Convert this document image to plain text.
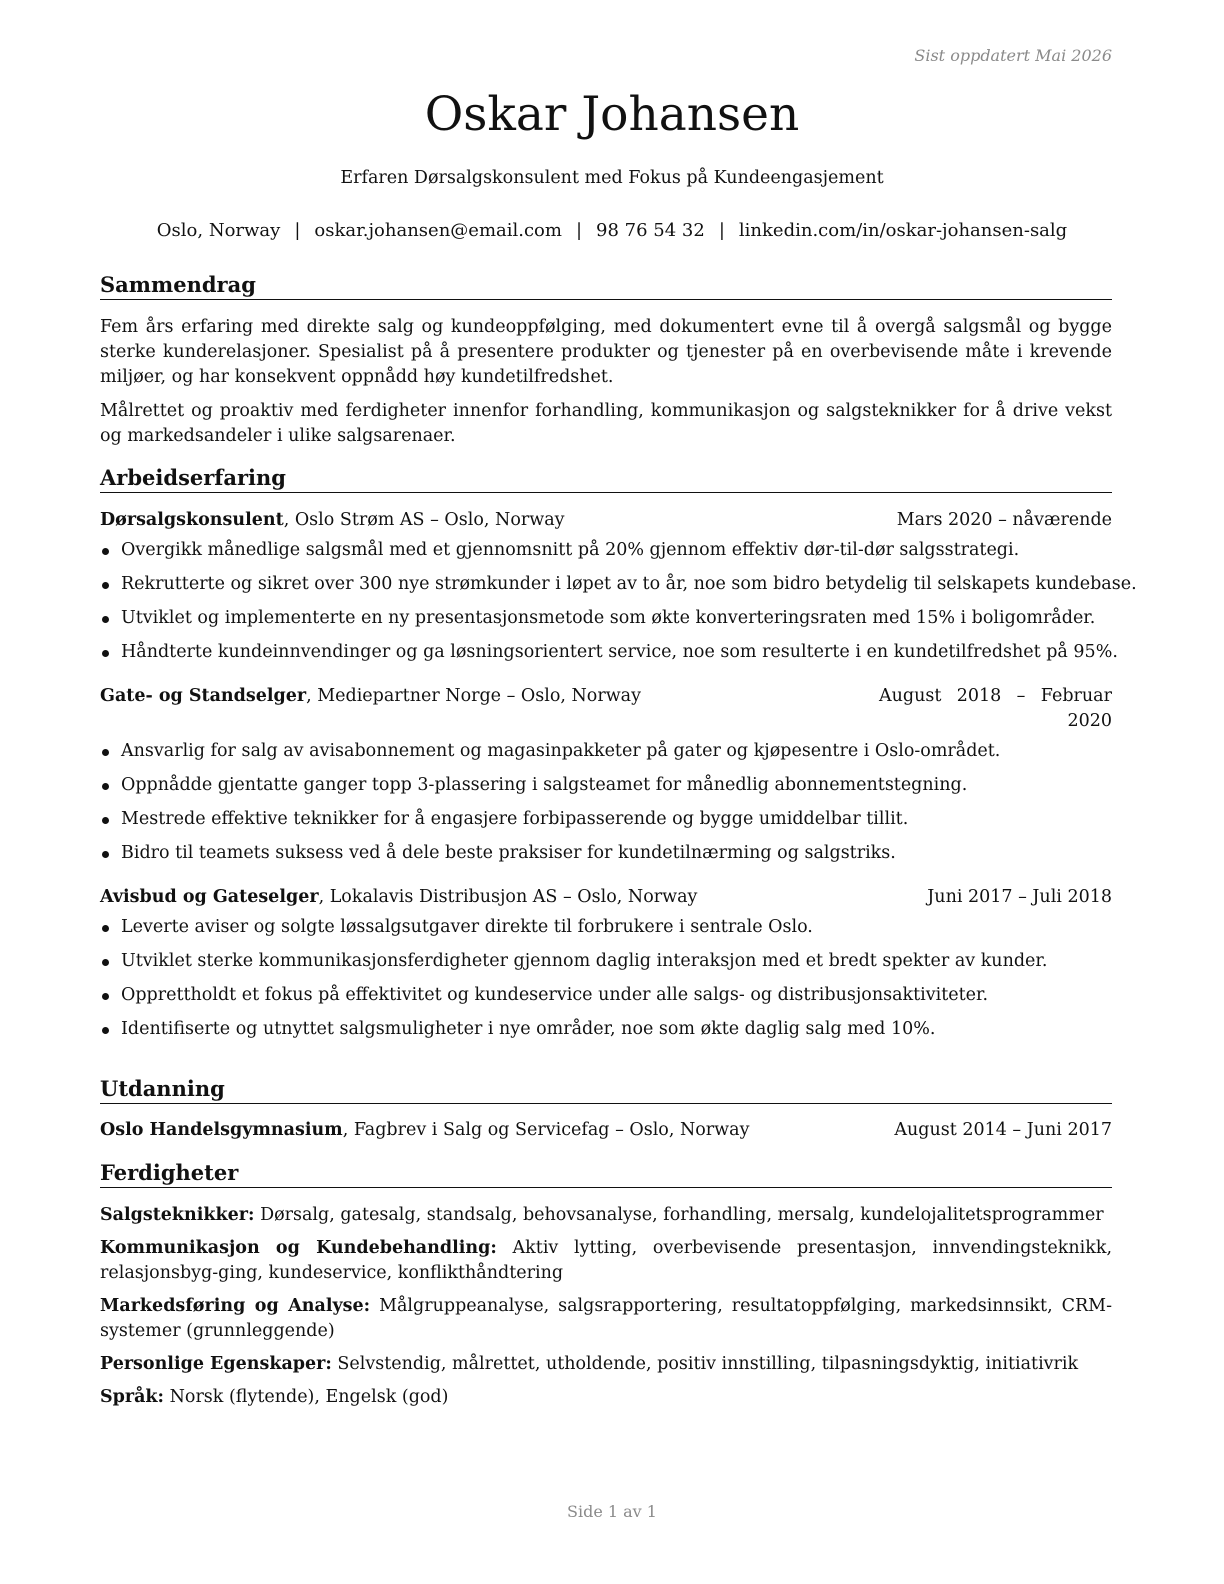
Sist oppdatert Mai 2026
Oskar Johansen
Erfaren Dørsalgskonsulent med Fokus på Kundeengasjement
Oslo, Norway | oskar.johansen@email.com | 98 76 54 32 | linkedin.com/in/oskar-johansen-salg
Sammendrag

Fem års erfaring med direkte salg og kundeoppfølging, med dokumentert evne til å overgå salgsmål og bygge sterke kunderelasjoner. Spesialist på å presentere produkter og tjenester på en overbevisende måte i krevende miljøer, og har konsekvent oppnådd høy kundetilfredshet.

Målrettet og proaktiv med ferdigheter innenfor forhandling, kommunikasjon og salgsteknikker for å drive vekst og markedsandeler i ulike salgsarenaer.

Arbeidserfaring
Dørsalgskonsulent, Oslo Strøm AS – Oslo, Norway	Mars 2020 – nåværende
Overgikk månedlige salgsmål med et gjennomsnitt på 20% gjennom effektiv dør-til-dør salgsstrategi.
Rekrutterte og sikret over 300 nye strømkunder i løpet av to år, noe som bidro betydelig til selskapets kundebase.
Utviklet og implementerte en ny presentasjonsmetode som økte konverteringsraten med 15% i boligområder.
Håndterte kundeinnvendinger og ga løsningsorientert service, noe som resulterte i en kundetilfredshet på 95%.
Gate- og Standselger, Mediepartner Norge – Oslo, Norway	August 2018 – Februar
2020
Ansvarlig for salg av avisabonnement og magasinpakketer på gater og kjøpesentre i Oslo-området.
Oppnådde gjentatte ganger topp 3-plassering i salgsteamet for månedlig abonnementstegning.
Mestrede effektive teknikker for å engasjere forbipasserende og bygge umiddelbar tillit.
Bidro til teamets suksess ved å dele beste praksiser for kundetilnærming og salgstriks.
Avisbud og Gateselger, Lokalavis Distribusjon AS – Oslo, Norway	Juni 2017 – Juli 2018
Leverte aviser og solgte løssalgsutgaver direkte til forbrukere i sentrale Oslo.
Utviklet sterke kommunikasjonsferdigheter gjennom daglig interaksjon med et bredt spekter av kunder.
Opprettholdt et fokus på effektivitet og kundeservice under alle salgs- og distribusjonsaktiviteter.
Identifiserte og utnyttet salgsmuligheter i nye områder, noe som økte daglig salg med 10%.
Utdanning
Oslo Handelsgymnasium, Fagbrev i Salg og Servicefag – Oslo, Norway	August 2014 – Juni 2017
Ferdigheter

Salgsteknikker: Dørsalg, gatesalg, standsalg, behovsanalyse, forhandling, mersalg, kundelojalitetsprogrammer

Kommunikasjon og Kundebehandling: Aktiv lytting, overbevisende presentasjon, innvendingsteknikk, relasjonsbyg-ging, kundeservice, konflikthåndtering

Markedsføring og Analyse: Målgruppeanalyse, salgsrapportering, resultatoppfølging, markedsinnsikt, CRM-systemer (grunnleggende)

Personlige Egenskaper: Selvstendig, målrettet, utholdende, positiv innstilling, tilpasningsdyktig, initiativrik

Språk: Norsk (flytende), Engelsk (god)

Side 1 av 1
